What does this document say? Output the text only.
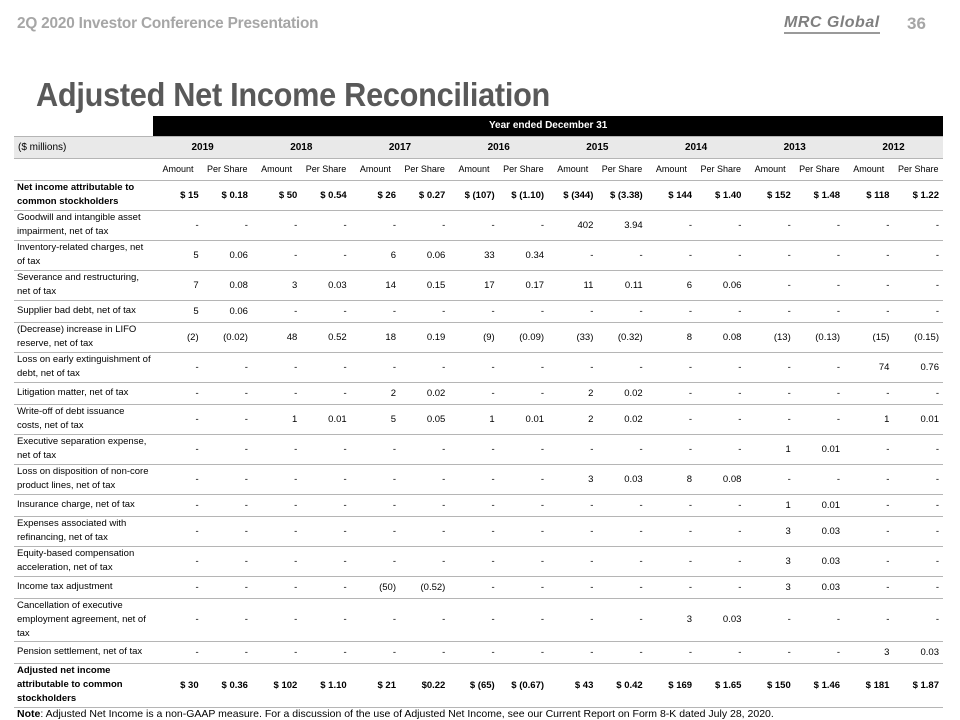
2Q 2020 Investor Conference Presentation	MRC Global 36
Adjusted Net Income Reconciliation
	Year ended December 31															
($ millions)	2019		2018		2017		2016		2015		2014		2013		2012	
	Amount	Per Share	Amount	Per Share	Amount	Per Share	Amount	Per Share	Amount	Per Share	Amount	Per Share	Amount	Per Share	Amount	Per Share
Net income attributable to common stockholders	$ 15	$ 0.18	$ 50	$ 0.54	$ 26	$ 0.27	$ (107)	$ (1.10)	$ (344)	$ (3.38)	$ 144	$ 1.40	$ 152	$ 1.48	$ 118	$ 1.22
Goodwill and intangible asset impairment, net of tax	-	-	-	-	-	-	-	-	402	3.94	-	-	-	-	-	-
Inventory-related charges, net of tax	5	0.06	-	-	6	0.06	33	0.34	-	-	-	-	-	-	-	-
Severance and restructuring, net of tax	7	0.08	3	0.03	14	0.15	17	0.17	11	0.11	6	0.06	-	-	-	-
Supplier bad debt, net of tax	5	0.06	-	-	-	-	-	-	-	-	-	-	-	-	-	-
(Decrease) increase in LIFO reserve, net of tax	(2)	(0.02)	48	0.52	18	0.19	(9)	(0.09)	(33)	(0.32)	8	0.08	(13)	(0.13)	(15)	(0.15)
Loss on early extinguishment of debt, net of tax	-	-	-	-	-	-	-	-	-	-	-	-	-	-	74	0.76
Litigation matter, net of tax	-	-	-	-	2	0.02	-	-	2	0.02	-	-	-	-	-	-
Write-off of debt issuance costs, net of tax	-	-	1	0.01	5	0.05	1	0.01	2	0.02	-	-	-	-	1	0.01
Executive separation expense, net of tax	-	-	-	-	-	-	-	-	-	-	-	-	1	0.01	-	-
Loss on disposition of non-core product lines, net of tax	-	-	-	-	-	-	-	-	3	0.03	8	0.08	-	-	-	-
Insurance charge, net of tax	-	-	-	-	-	-	-	-	-	-	-	-	1	0.01	-	-
Expenses associated with refinancing, net of tax	-	-	-	-	-	-	-	-	-	-	-	-	3	0.03	-	-
Equity-based compensation acceleration, net of tax	-	-	-	-	-	-	-	-	-	-	-	-	3	0.03	-	-
Income tax adjustment	-	-	-	-	(50)	(0.52)	-	-	-	-	-	-	3	0.03	-	-
Cancellation of executive employment agreement, net of tax	-	-	-	-	-	-	-	-	-	-	3	0.03	-	-	-	-
Pension settlement, net of tax	-	-	-	-	-	-	-	-	-	-	-	-	-	-	3	0.03
Adjusted net income attributable to common stockholders	$ 30	$ 0.36	$ 102	$ 1.10	$ 21	$0.22	$ (65)	$ (0.67)	$ 43	$ 0.42	$ 169	$ 1.65	$ 150	$ 1.46	$ 181	$ 1.87
Note: Adjusted Net Income is a non-GAAP measure. For a discussion of the use of Adjusted Net Income, see our Current Report on Form 8-K dated July 28, 2020.
